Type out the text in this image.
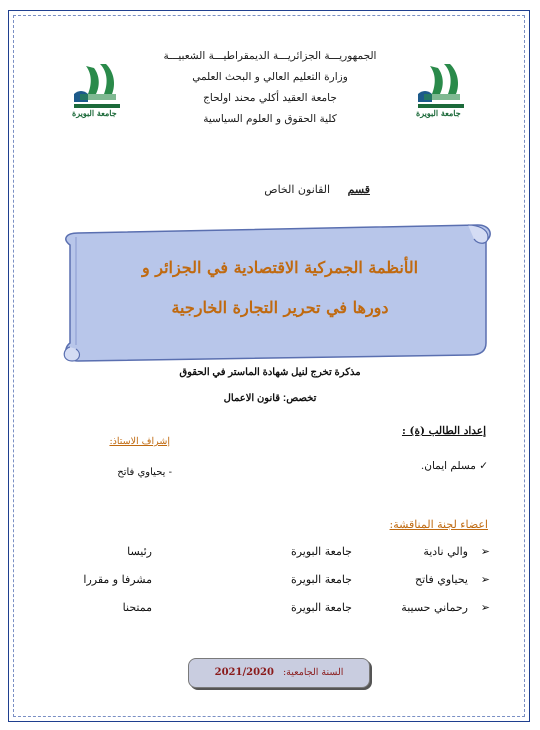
جامعة البويرة	جامعة البويرة
الجمهوريـــة الجزائريـــة الديمقراطيـــة الشعبيـــة
وزارة التعليم العالي و البحث العلمي
جامعة العقيد أكلي محند اولحاج
كلية الحقوق و العلوم السياسية
قسم القانون الخاص
الأنظمة الجمركية الاقتصادية في الجزائر و
دورها في تحرير التجارة الخارجية
مذكرة تخرج لنيل شهادة الماستر في الحقوق
تخصص: قانون الاعمال
إعداد الطالب (ة) :
إشراف الاستاذ:
✓ مسلم ايمان.
- يحياوي فاتح
اعضاء لجنة المناقشة:
➢
والي نادية
جامعة البويرة
رئيسا
➢
يحياوي فاتح
جامعة البويرة
مشرفا و مقررا
➢
رحماني حسيبة
جامعة البويرة
ممتحنا
السنة الجامعية: 2021/2020
